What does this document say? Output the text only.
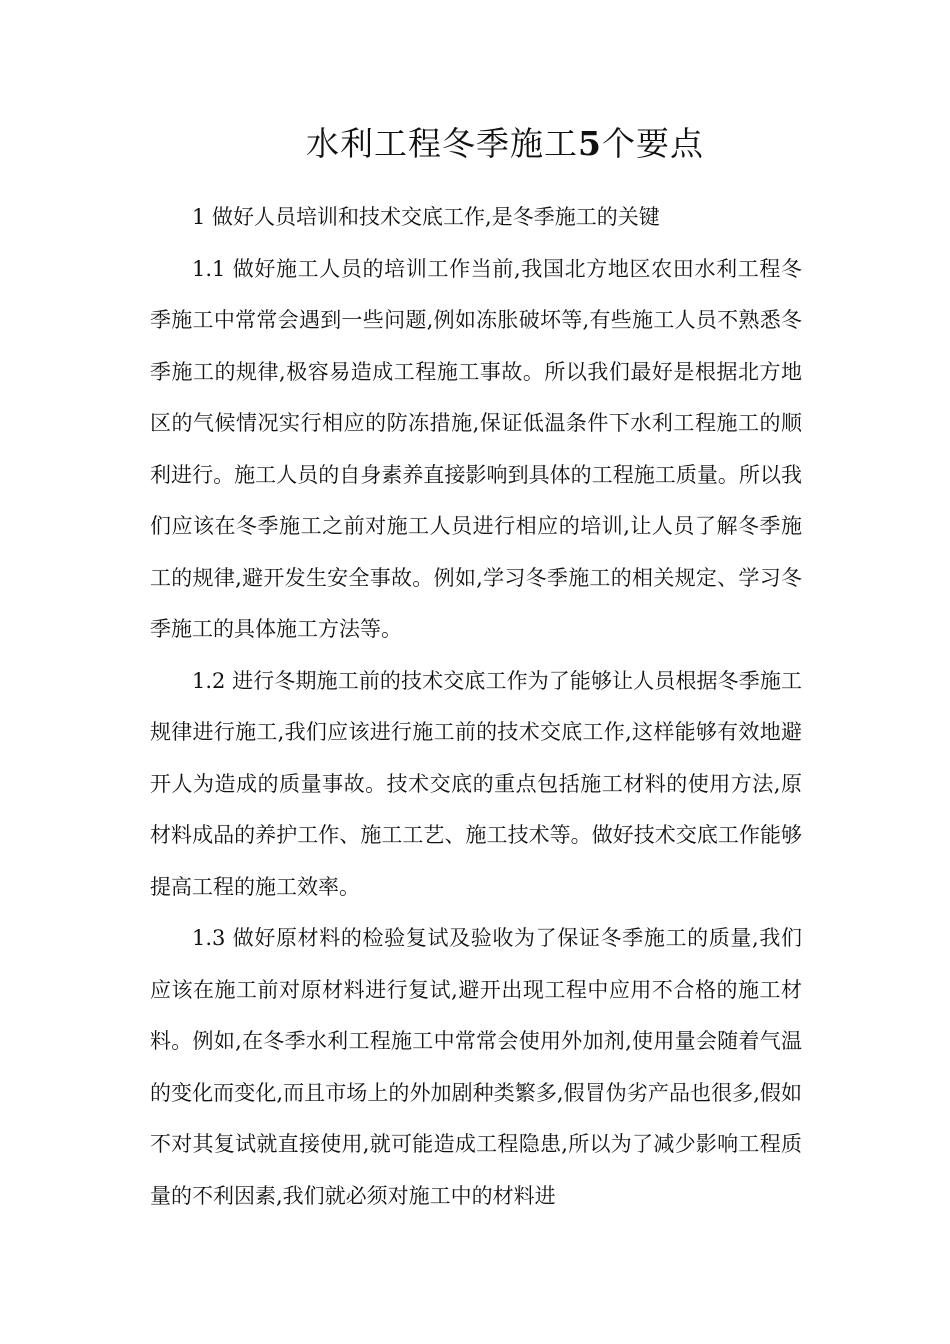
水利工程冬季施工5个要点

1 做好人员培训和技术交底工作,是冬季施工的关键

1.1 做好施工人员的培训工作当前,我国北方地区农田水利工程冬季施工中常常会遇到一些问题,例如冻胀破坏等,有些施工人员不熟悉冬季施工的规律,极容易造成工程施工事故。所以我们最好是根据北方地区的气候情况实行相应的防冻措施,保证低温条件下水利工程施工的顺利进行。施工人员的自身素养直接影响到具体的工程施工质量。所以我们应该在冬季施工之前对施工人员进行相应的培训,让人员了解冬季施工的规律,避开发生安全事故。例如,学习冬季施工的相关规定、学习冬季施工的具体施工方法等。

1.2 进行冬期施工前的技术交底工作为了能够让人员根据冬季施工规律进行施工,我们应该进行施工前的技术交底工作,这样能够有效地避开人为造成的质量事故。技术交底的重点包括施工材料的使用方法,原材料成品的养护工作、施工工艺、施工技术等。做好技术交底工作能够提高工程的施工效率。

1.3 做好原材料的检验复试及验收为了保证冬季施工的质量,我们应该在施工前对原材料进行复试,避开出现工程中应用不合格的施工材料。例如,在冬季水利工程施工中常常会使用外加剂,使用量会随着气温的变化而变化,而且市场上的外加剧种类繁多,假冒伪劣产品也很多,假如不对其复试就直接使用,就可能造成工程隐患,所以为了减少影响工程质量的不利因素,我们就必须对施工中的材料进
